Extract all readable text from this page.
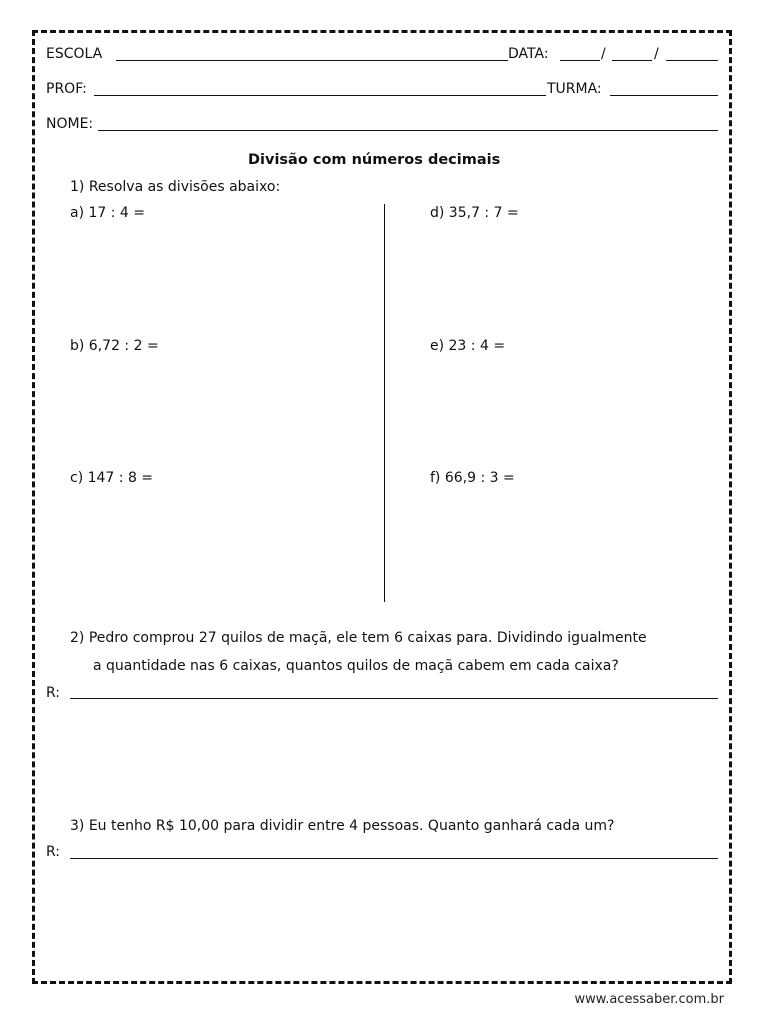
ESCOLA	DATA:	/	/
PROF:	TURMA:
NOME:
Divisão com números decimais
1) Resolva as divisões abaixo:
a) 17 : 4 =
b) 6,72 : 2 =
c) 147 : 8 =
d) 35,7 : 7 =
e) 23 : 4 =
f) 66,9 : 3 =
2) Pedro comprou 27 quilos de maçã, ele tem 6 caixas para. Dividindo igualmente
a quantidade nas 6 caixas, quantos quilos de maçã cabem em cada caixa?
R:
3) Eu tenho R$ 10,00 para dividir entre 4 pessoas. Quanto ganhará cada um?
R:
www.acessaber.com.br
